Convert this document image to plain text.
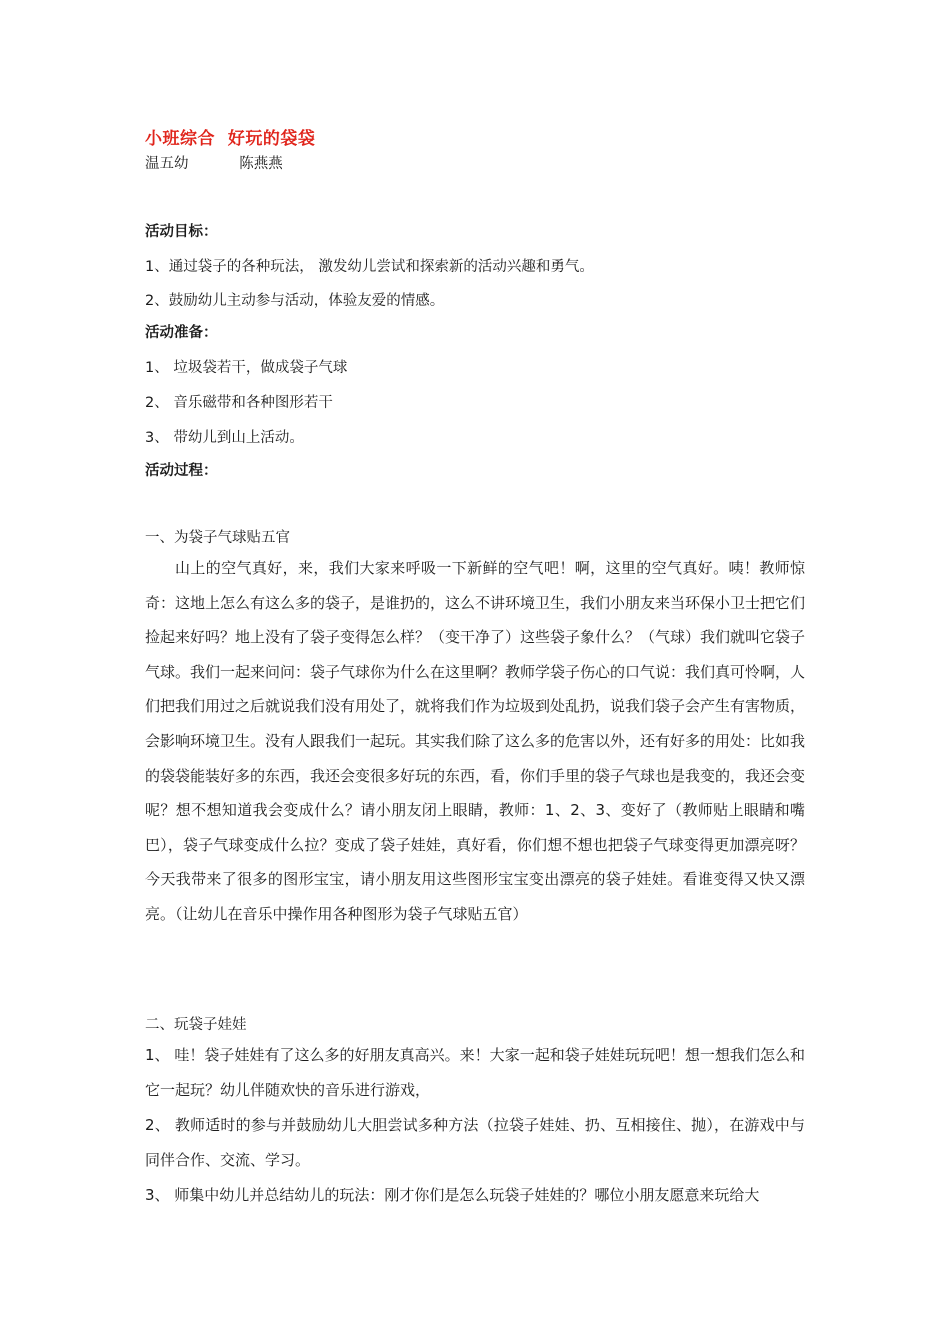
小班综合  好玩的袋袋
温五幼           陈燕燕
活动目标：
1、通过袋子的各种玩法， 激发幼儿尝试和探索新的活动兴趣和勇气。
2、鼓励幼儿主动参与活动，体验友爱的情感。
活动准备：
1、 垃圾袋若干，做成袋子气球
2、 音乐磁带和各种图形若干
3、 带幼儿到山上活动。
活动过程：
一、为袋子气球贴五官

山上的空气真好，来，我们大家来呼吸一下新鲜的空气吧！啊，这里的空气真好。咦！教师惊奇：这地上怎么有这么多的袋子，是谁扔的，这么不讲环境卫生，我们小朋友来当环保小卫士把它们捡起来好吗？地上没有了袋子变得怎么样？（变干净了）这些袋子象什么？（气球）我们就叫它袋子气球。我们一起来问问：袋子气球你为什么在这里啊？教师学袋子伤心的口气说：我们真可怜啊，人们把我们用过之后就说我们没有用处了，就将我们作为垃圾到处乱扔，说我们袋子会产生有害物质，会影响环境卫生。没有人跟我们一起玩。其实我们除了这么多的危害以外，还有好多的用处：比如我的袋袋能装好多的东西，我还会变很多好玩的东西，看，你们手里的袋子气球也是我变的，我还会变呢？想不想知道我会变成什么？请小朋友闭上眼睛，教师：1、2、3、变好了（教师贴上眼睛和嘴巴），袋子气球变成什么拉？变成了袋子娃娃，真好看，你们想不想也把袋子气球变得更加漂亮呀？今天我带来了很多的图形宝宝，请小朋友用这些图形宝宝变出漂亮的袋子娃娃。看谁变得又快又漂亮。（让幼儿在音乐中操作用各种图形为袋子气球贴五官）

二、玩袋子娃娃

1、 哇！袋子娃娃有了这么多的好朋友真高兴。来！大家一起和袋子娃娃玩玩吧！想一想我们怎么和它一起玩？幼儿伴随欢快的音乐进行游戏，

2、 教师适时的参与并鼓励幼儿大胆尝试多种方法（拉袋子娃娃、扔、互相接住、抛），在游戏中与同伴合作、交流、学习。

3、 师集中幼儿并总结幼儿的玩法：刚才你们是怎么玩袋子娃娃的？哪位小朋友愿意来玩给大
